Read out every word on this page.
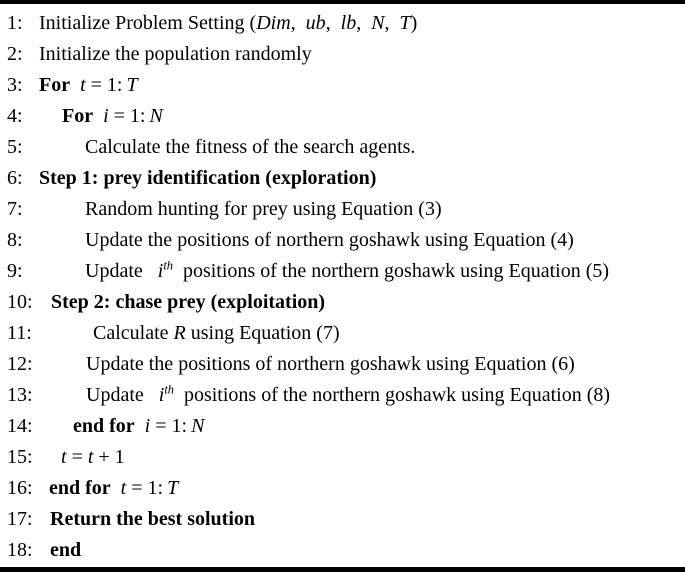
1: Initialize Problem Setting (Dim, ub, lb, N, T)
2: Initialize the population randomly
3: For  t = 1: T
4:	For  i = 1: N
5:	Calculate the fitness of the search agents.
6: Step 1: prey identification (exploration)
7:	Random hunting for prey using Equation (3)
8:	Update the positions of northern goshawk using Equation (4)
9:	Update  $i^{th}$ positions of the northern goshawk using Equation (5)
10: Step 2: chase prey (exploitation)
11:	Calculate R using Equation (7)
12:	Update the positions of northern goshawk using Equation (6)
13:	Update  $i^{th}$ positions of the northern goshawk using Equation (8)
14:	end for  i = 1: N
15:	t = t + 1
16: end for  t = 1: T
17: Return the best solution
18: end
